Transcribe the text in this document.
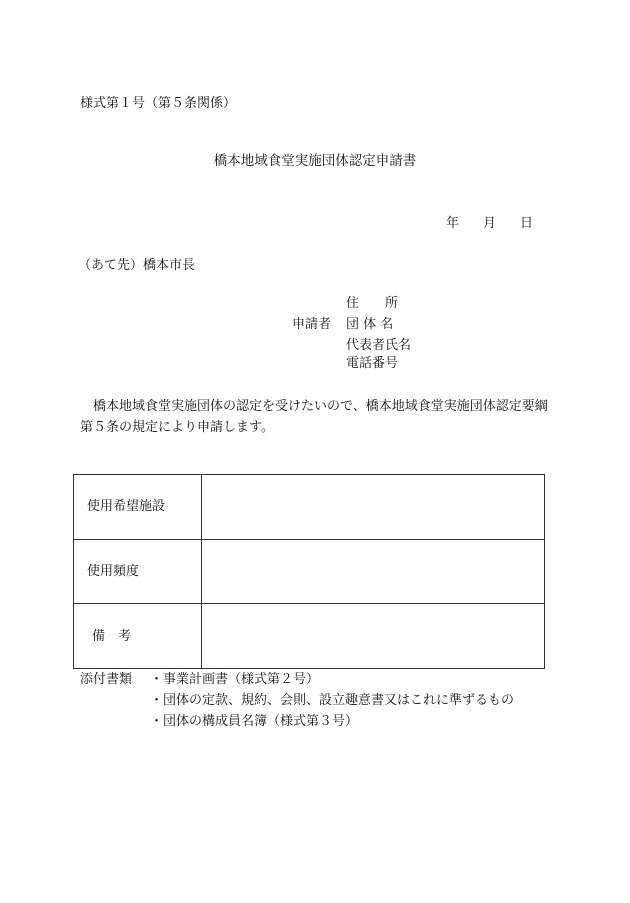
様式第１号（第５条関係）
橋本地域食堂実施団体認定申請書
年 月 日
（あて先）橋本市長
申請者
住　　所
団 体 名
代表者氏名
電話番号
橋本地域食堂実施団体の認定を受けたいので、橋本地域食堂実施団体認定要綱第５条の規定により申請します。
使用希望施設	
使用頻度	
備　考	
添付書類 ・事業計画書（様式第２号）
・団体の定款、規約、会則、設立趣意書又はこれに準ずるもの
・団体の構成員名簿（様式第３号）
